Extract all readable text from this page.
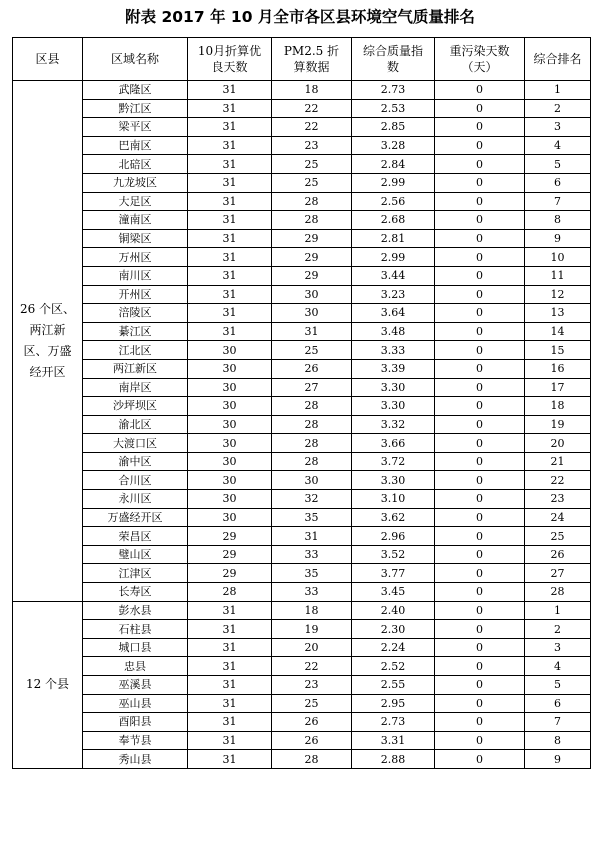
附表 2017 年 10 月全市各区县环境空气质量排名
区县	区域名称	10月折算优良天数	PM2.5 折算数据	综合质量指数	重污染天数（天）	综合排名
26 个区、两江新区、万盛经开区	武隆区	31	18	2.73	0	1
	黔江区	31	22	2.53	0	2
	梁平区	31	22	2.85	0	3
	巴南区	31	23	3.28	0	4
	北碚区	31	25	2.84	0	5
	九龙坡区	31	25	2.99	0	6
	大足区	31	28	2.56	0	7
	潼南区	31	28	2.68	0	8
	铜梁区	31	29	2.81	0	9
	万州区	31	29	2.99	0	10
	南川区	31	29	3.44	0	11
	开州区	31	30	3.23	0	12
	涪陵区	31	30	3.64	0	13
	綦江区	31	31	3.48	0	14
	江北区	30	25	3.33	0	15
	两江新区	30	26	3.39	0	16
	南岸区	30	27	3.30	0	17
	沙坪坝区	30	28	3.30	0	18
	渝北区	30	28	3.32	0	19
	大渡口区	30	28	3.66	0	20
	渝中区	30	28	3.72	0	21
	合川区	30	30	3.30	0	22
	永川区	30	32	3.10	0	23
	万盛经开区	30	35	3.62	0	24
	荣昌区	29	31	2.96	0	25
	璧山区	29	33	3.52	0	26
	江津区	29	35	3.77	0	27
	长寿区	28	33	3.45	0	28
12 个县	彭水县	31	18	2.40	0	1
	石柱县	31	19	2.30	0	2
	城口县	31	20	2.24	0	3
	忠县	31	22	2.52	0	4
	巫溪县	31	23	2.55	0	5
	巫山县	31	25	2.95	0	6
	酉阳县	31	26	2.73	0	7
	奉节县	31	26	3.31	0	8
	秀山县	31	28	2.88	0	9
